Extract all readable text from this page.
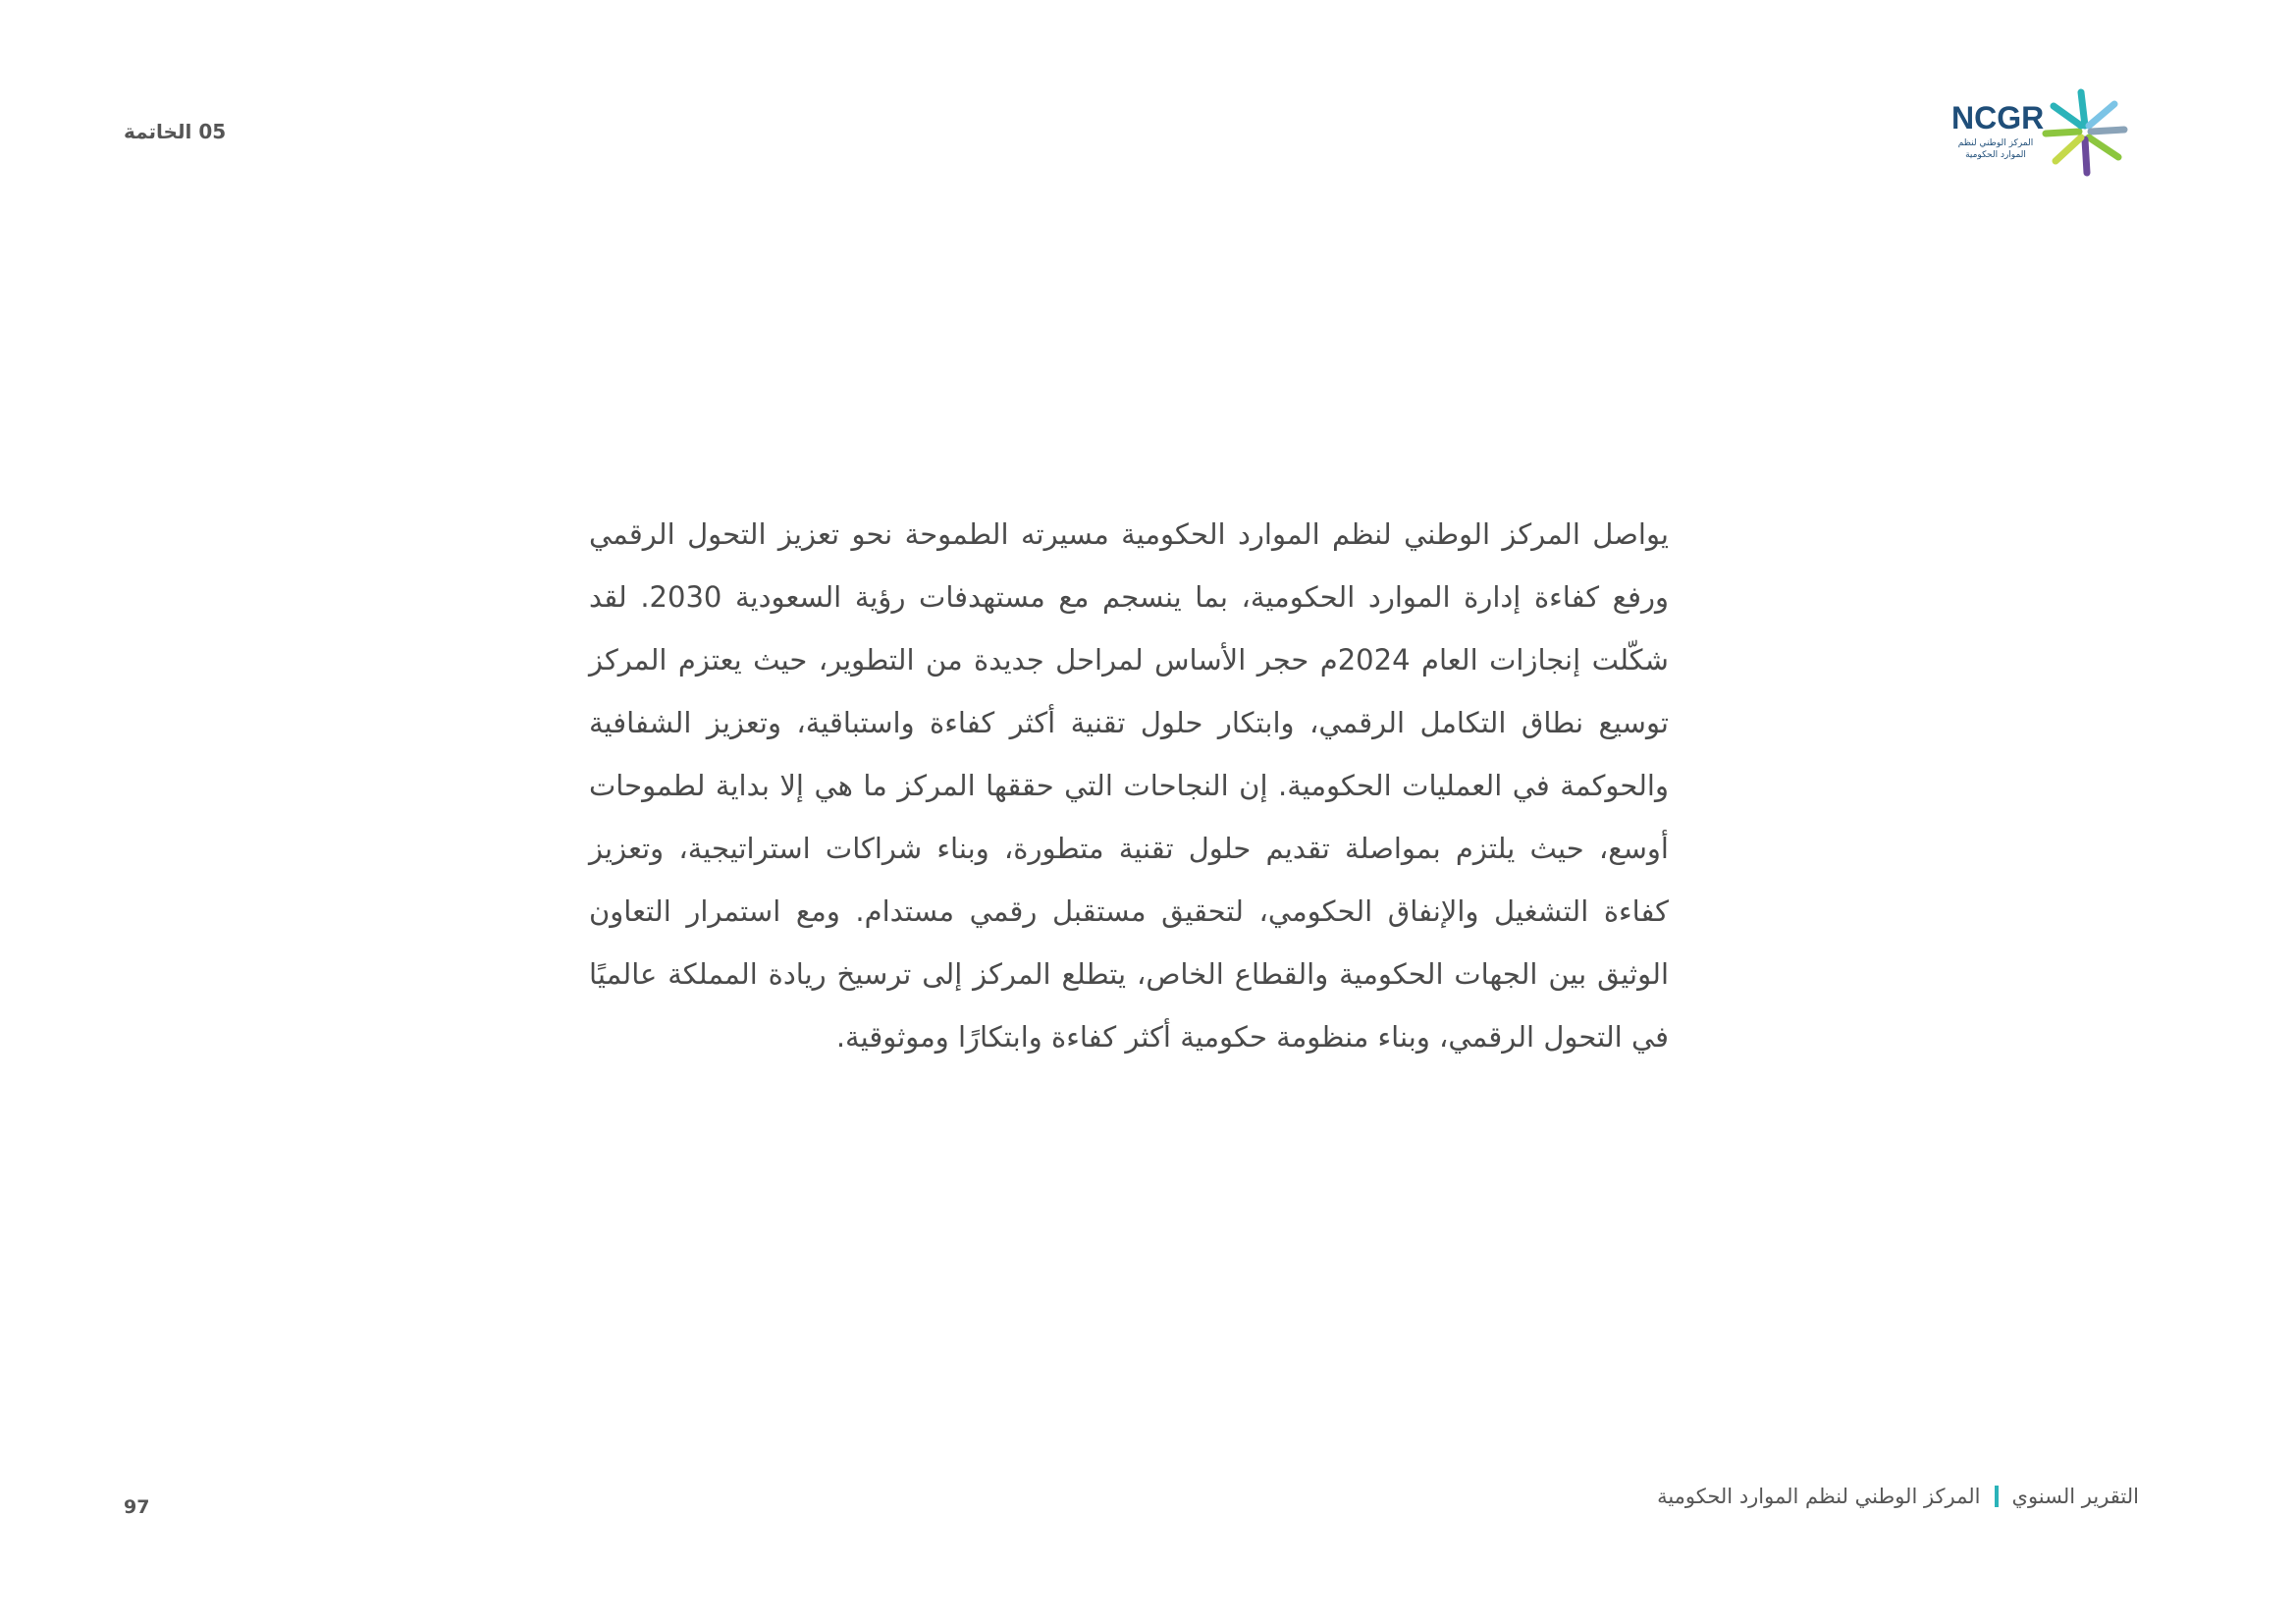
05 الخاتمة	NCGR
المركز الوطني لنظم
الموارد الحكومية
يواصل المركز الوطني لنظم الموارد الحكومية مسيرته الطموحة نحو تعزيز التحول الرقمي ورفع كفاءة إدارة الموارد الحكومية، بما ينسجم مع مستهدفات رؤية السعودية 2030. لقد شكّلت إنجازات العام 2024م حجر الأساس لمراحل جديدة من التطوير، حيث يعتزم المركز توسيع نطاق التكامل الرقمي، وابتكار حلول تقنية أكثر كفاءة واستباقية، وتعزيز الشفافية والحوكمة في العمليات الحكومية. إن النجاحات التي حققها المركز ما هي إلا بداية لطموحات أوسع، حيث يلتزم بمواصلة تقديم حلول تقنية متطورة، وبناء شراكات استراتيجية، وتعزيز كفاءة التشغيل والإنفاق الحكومي، لتحقيق مستقبل رقمي مستدام. ومع استمرار التعاون الوثيق بين الجهات الحكومية والقطاع الخاص، يتطلع المركز إلى ترسيخ ريادة المملكة عالميًا في التحول الرقمي، وبناء منظومة حكومية أكثر كفاءة وابتكارًا وموثوقية.
التقرير السنوي
المركز الوطني لنظم الموارد الحكومية
97
